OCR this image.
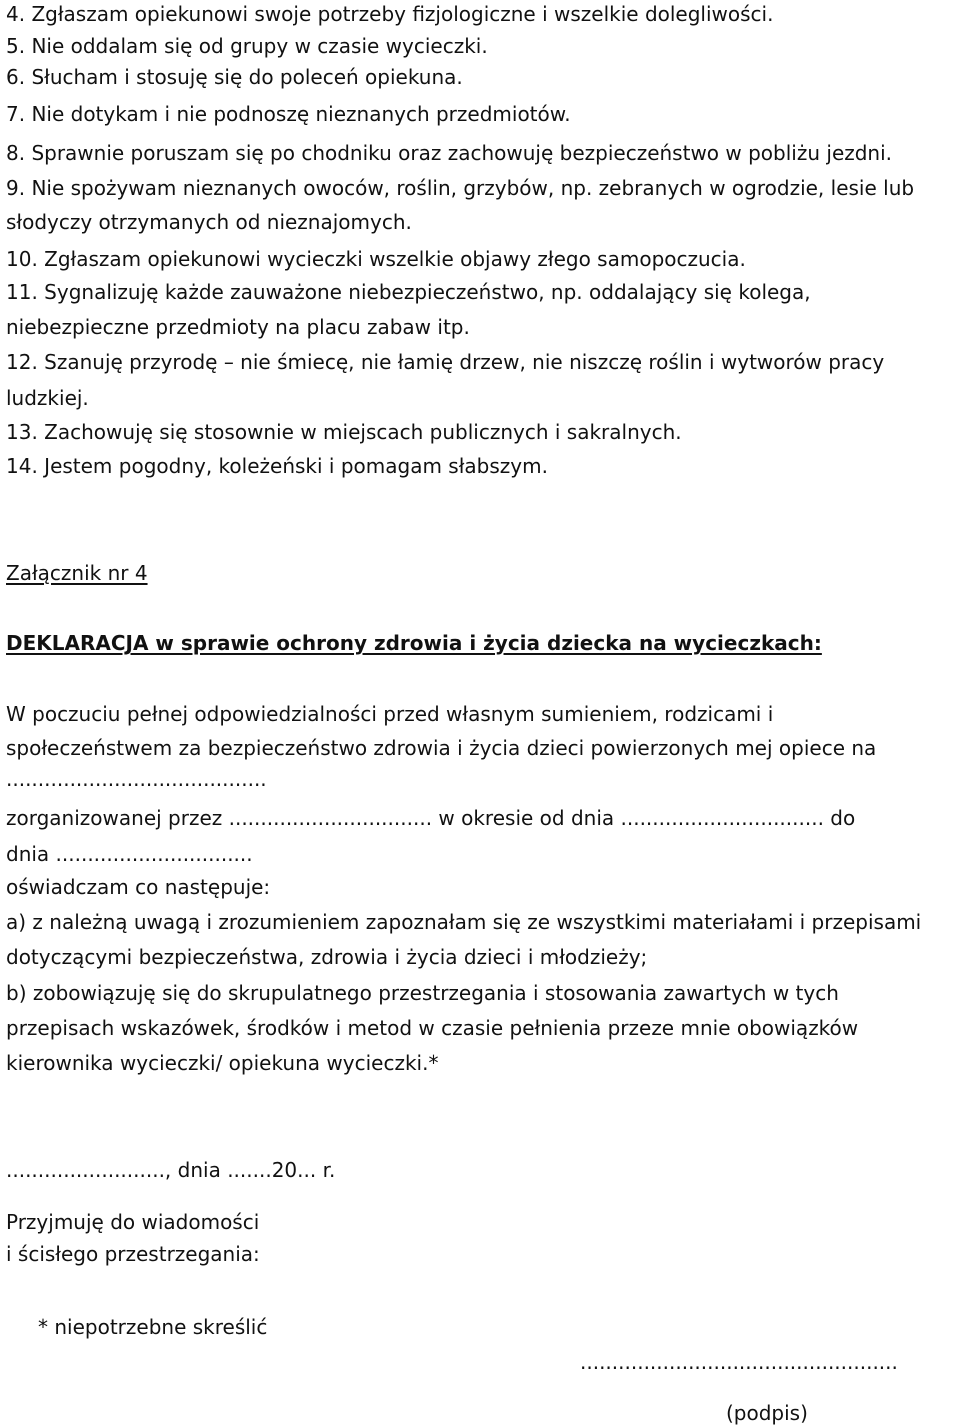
4. Zgłaszam opiekunowi swoje potrzeby fizjologiczne i wszelkie dolegliwości.
5. Nie oddalam się od grupy w czasie wycieczki.
6. Słucham i stosuję się do poleceń opiekuna.
7. Nie dotykam i nie podnoszę nieznanych przedmiotów.
8. Sprawnie poruszam się po chodniku oraz zachowuję bezpieczeństwo w pobliżu jezdni.
9. Nie spożywam nieznanych owoców, roślin, grzybów, np. zebranych w ogrodzie, lesie lub
słodyczy otrzymanych od nieznajomych.
10. Zgłaszam opiekunowi wycieczki wszelkie objawy złego samopoczucia.
11. Sygnalizuję każde zauważone niebezpieczeństwo, np. oddalający się kolega,
niebezpieczne przedmioty na placu zabaw itp.
12. Szanuję przyrodę – nie śmiecę, nie łamię drzew, nie niszczę roślin i wytworów pracy
ludzkiej.
13. Zachowuję się stosownie w miejscach publicznych i sakralnych.
14. Jestem pogodny, koleżeński i pomagam słabszym.
Załącznik nr 4
DEKLARACJA w sprawie ochrony zdrowia i życia dziecka na wycieczkach:
W poczuciu pełnej odpowiedzialności przed własnym sumieniem, rodzicami i
społeczeństwem za bezpieczeństwo zdrowia i życia dzieci powierzonych mej opiece na
.........................................
zorganizowanej przez ................................ w okresie od dnia ................................ do
dnia ...............................
oświadczam co następuje:
a) z należną uwagą i zrozumieniem zapoznałam się ze wszystkimi materiałami i przepisami
dotyczącymi bezpieczeństwa, zdrowia i życia dzieci i młodzieży;
b) zobowiązuję się do skrupulatnego przestrzegania i stosowania zawartych w tych
przepisach wskazówek, środków i metod w czasie pełnienia przeze mnie obowiązków
kierownika wycieczki/ opiekuna wycieczki.*
........................., dnia .......20... r.
Przyjmuję do wiadomości
i ścisłego przestrzegania:
* niepotrzebne skreślić
..................................................
(podpis)
